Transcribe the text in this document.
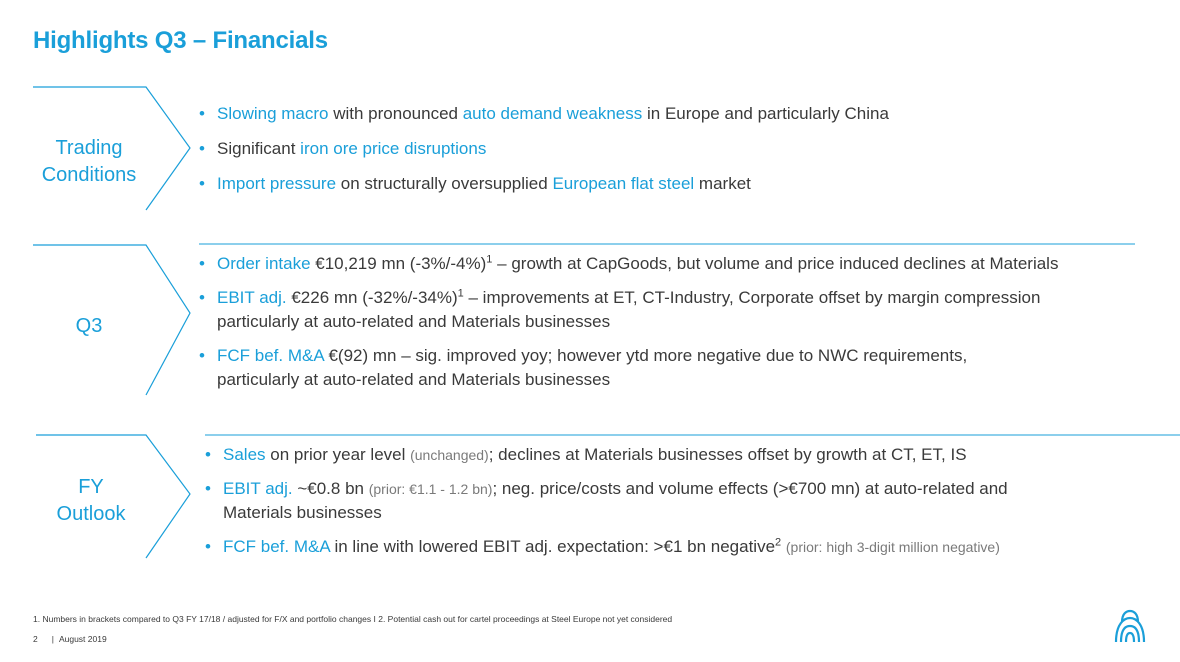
Highlights Q3 – Financials
Trading
Conditions
• Slowing macro with pronounced auto demand weakness in Europe and particularly China
• Significant iron ore price disruptions
• Import pressure on structurally oversupplied European flat steel market
Q3
• Order intake €10,219 mn $(-3\%/-4\%)^1$ – growth at CapGoods, but volume and price induced declines at Materials
• EBIT adj. €226 mn $(-32\%/-34\%)^1$ – improvements at ET, CT-Industry, Corporate offset by margin compression
particularly at auto-related and Materials businesses
• FCF bef. M&A €(92) mn – sig. improved yoy; however ytd more negative due to NWC requirements,
particularly at auto-related and Materials businesses
FY
Outlook
• Sales on prior year level (unchanged); declines at Materials businesses offset by growth at CT, ET, IS
• EBIT adj. ~€0.8 bn (prior: €1.1 - 1.2 bn); neg. price/costs and volume effects (>€700 mn) at auto-related and
Materials businesses
• FCF bef. M&A in line with lowered EBIT adj. expectation: >€1 bn negative$^2$ (prior: high 3-digit million negative)
1. Numbers in brackets compared to Q3 FY 17/18 / adjusted for F/X and portfolio changes I 2. Potential cash out for cartel proceedings at Steel Europe not yet considered
2 | August 2019
